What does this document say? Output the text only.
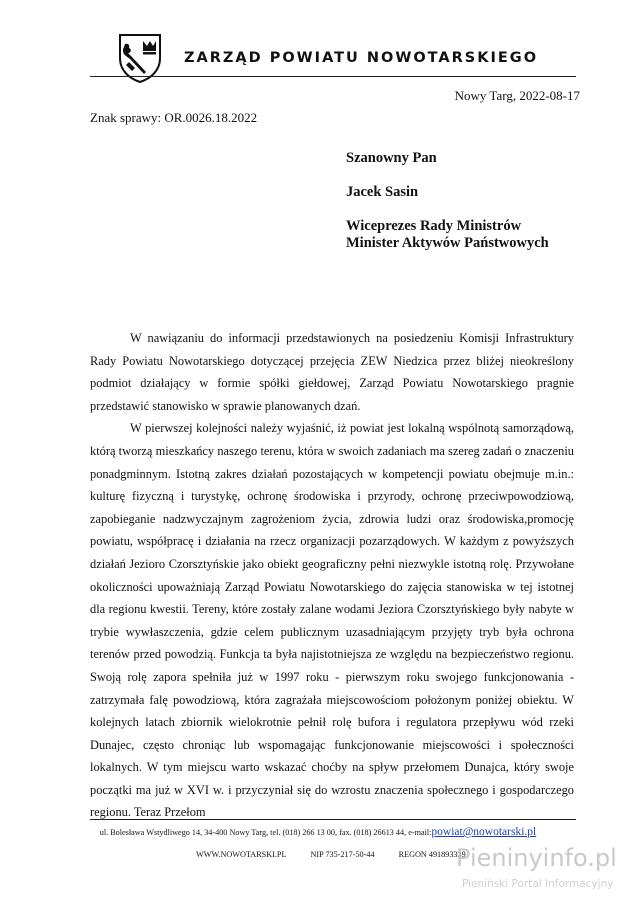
ZARZĄD POWIATU NOWOTARSKIEGO
Nowy Targ, 2022-08-17
Znak sprawy: OR.0026.18.2022
Szanowny Pan
Jacek Sasin
Wiceprezes Rady Ministrów
Minister Aktywów Państwowych

W nawiązaniu do informacji przedstawionych na posiedzeniu Komisji Infrastruktury Rady Powiatu Nowotarskiego dotyczącej przejęcia ZEW Niedzica przez bliżej nieokreślony podmiot działający w formie spółki giełdowej, Zarząd Powiatu Nowotarskiego pragnie przedstawić stanowisko w sprawie planowanych dzań.

W pierwszej kolejności należy wyjaśnić, iż powiat jest lokalną wspólnotą samorządową, którą tworzą mieszkańcy naszego terenu, która w swoich zadaniach ma szereg zadań o znaczeniu ponadgminnym. Istotną zakres działań pozostających w kompetencji powiatu obejmuje m.in.: kulturę fizyczną i turystykę, ochronę środowiska i przyrody, ochronę przeciwpowodziową, zapobieganie nadzwyczajnym zagrożeniom życia, zdrowia ludzi oraz środowiska,promocję powiatu, współpracę i działania na rzecz organizacji pozarządowych. W każdym z powyższych działań Jezioro Czorsztyńskie jako obiekt geograficzny pełni niezwykle istotną rolę. Przywołane okoliczności upoważniają Zarząd Powiatu Nowotarskiego do zajęcia stanowiska w tej istotnej dla regionu kwestii. Tereny, które zostały zalane wodami Jeziora Czorsztyńskiego były nabyte w trybie wywłaszczenia, gdzie celem publicznym uzasadniającym przyjęty tryb była ochrona terenów przed powodzią. Funkcja ta była najistotniejsza ze względu na bezpieczeństwo regionu. Swoją rolę zapora spełniła już w 1997 roku - pierwszym roku swojego funkcjonowania - zatrzymała falę powodziową, która zagrażała miejscowościom położonym poniżej obiektu. W kolejnych latach zbiornik wielokrotnie pełnił rolę bufora i regulatora przepływu wód rzeki Dunajec, często chroniąc lub wspomagając funkcjonowanie miejscowości i społeczności lokalnych. W tym miejscu warto wskazać choćby na spływ przełomem Dunajca, który swoje początki ma już w XVI w. i przyczyniał się do wzrostu znaczenia społecznego i gospodarczego regionu. Teraz Przełom

ul. Bolesława Wstydliwego 14, 34-400 Nowy Targ, tel. (018) 266 13 00, fax. (018) 26613 44, e-mail:powiat@nowotarski.pl
WWW.NOWOTARSKI.PL	NIP 735-217-50-44	REGON 491893339
Pieninyinfo.pl
Pieniński Portal Informacyjny
